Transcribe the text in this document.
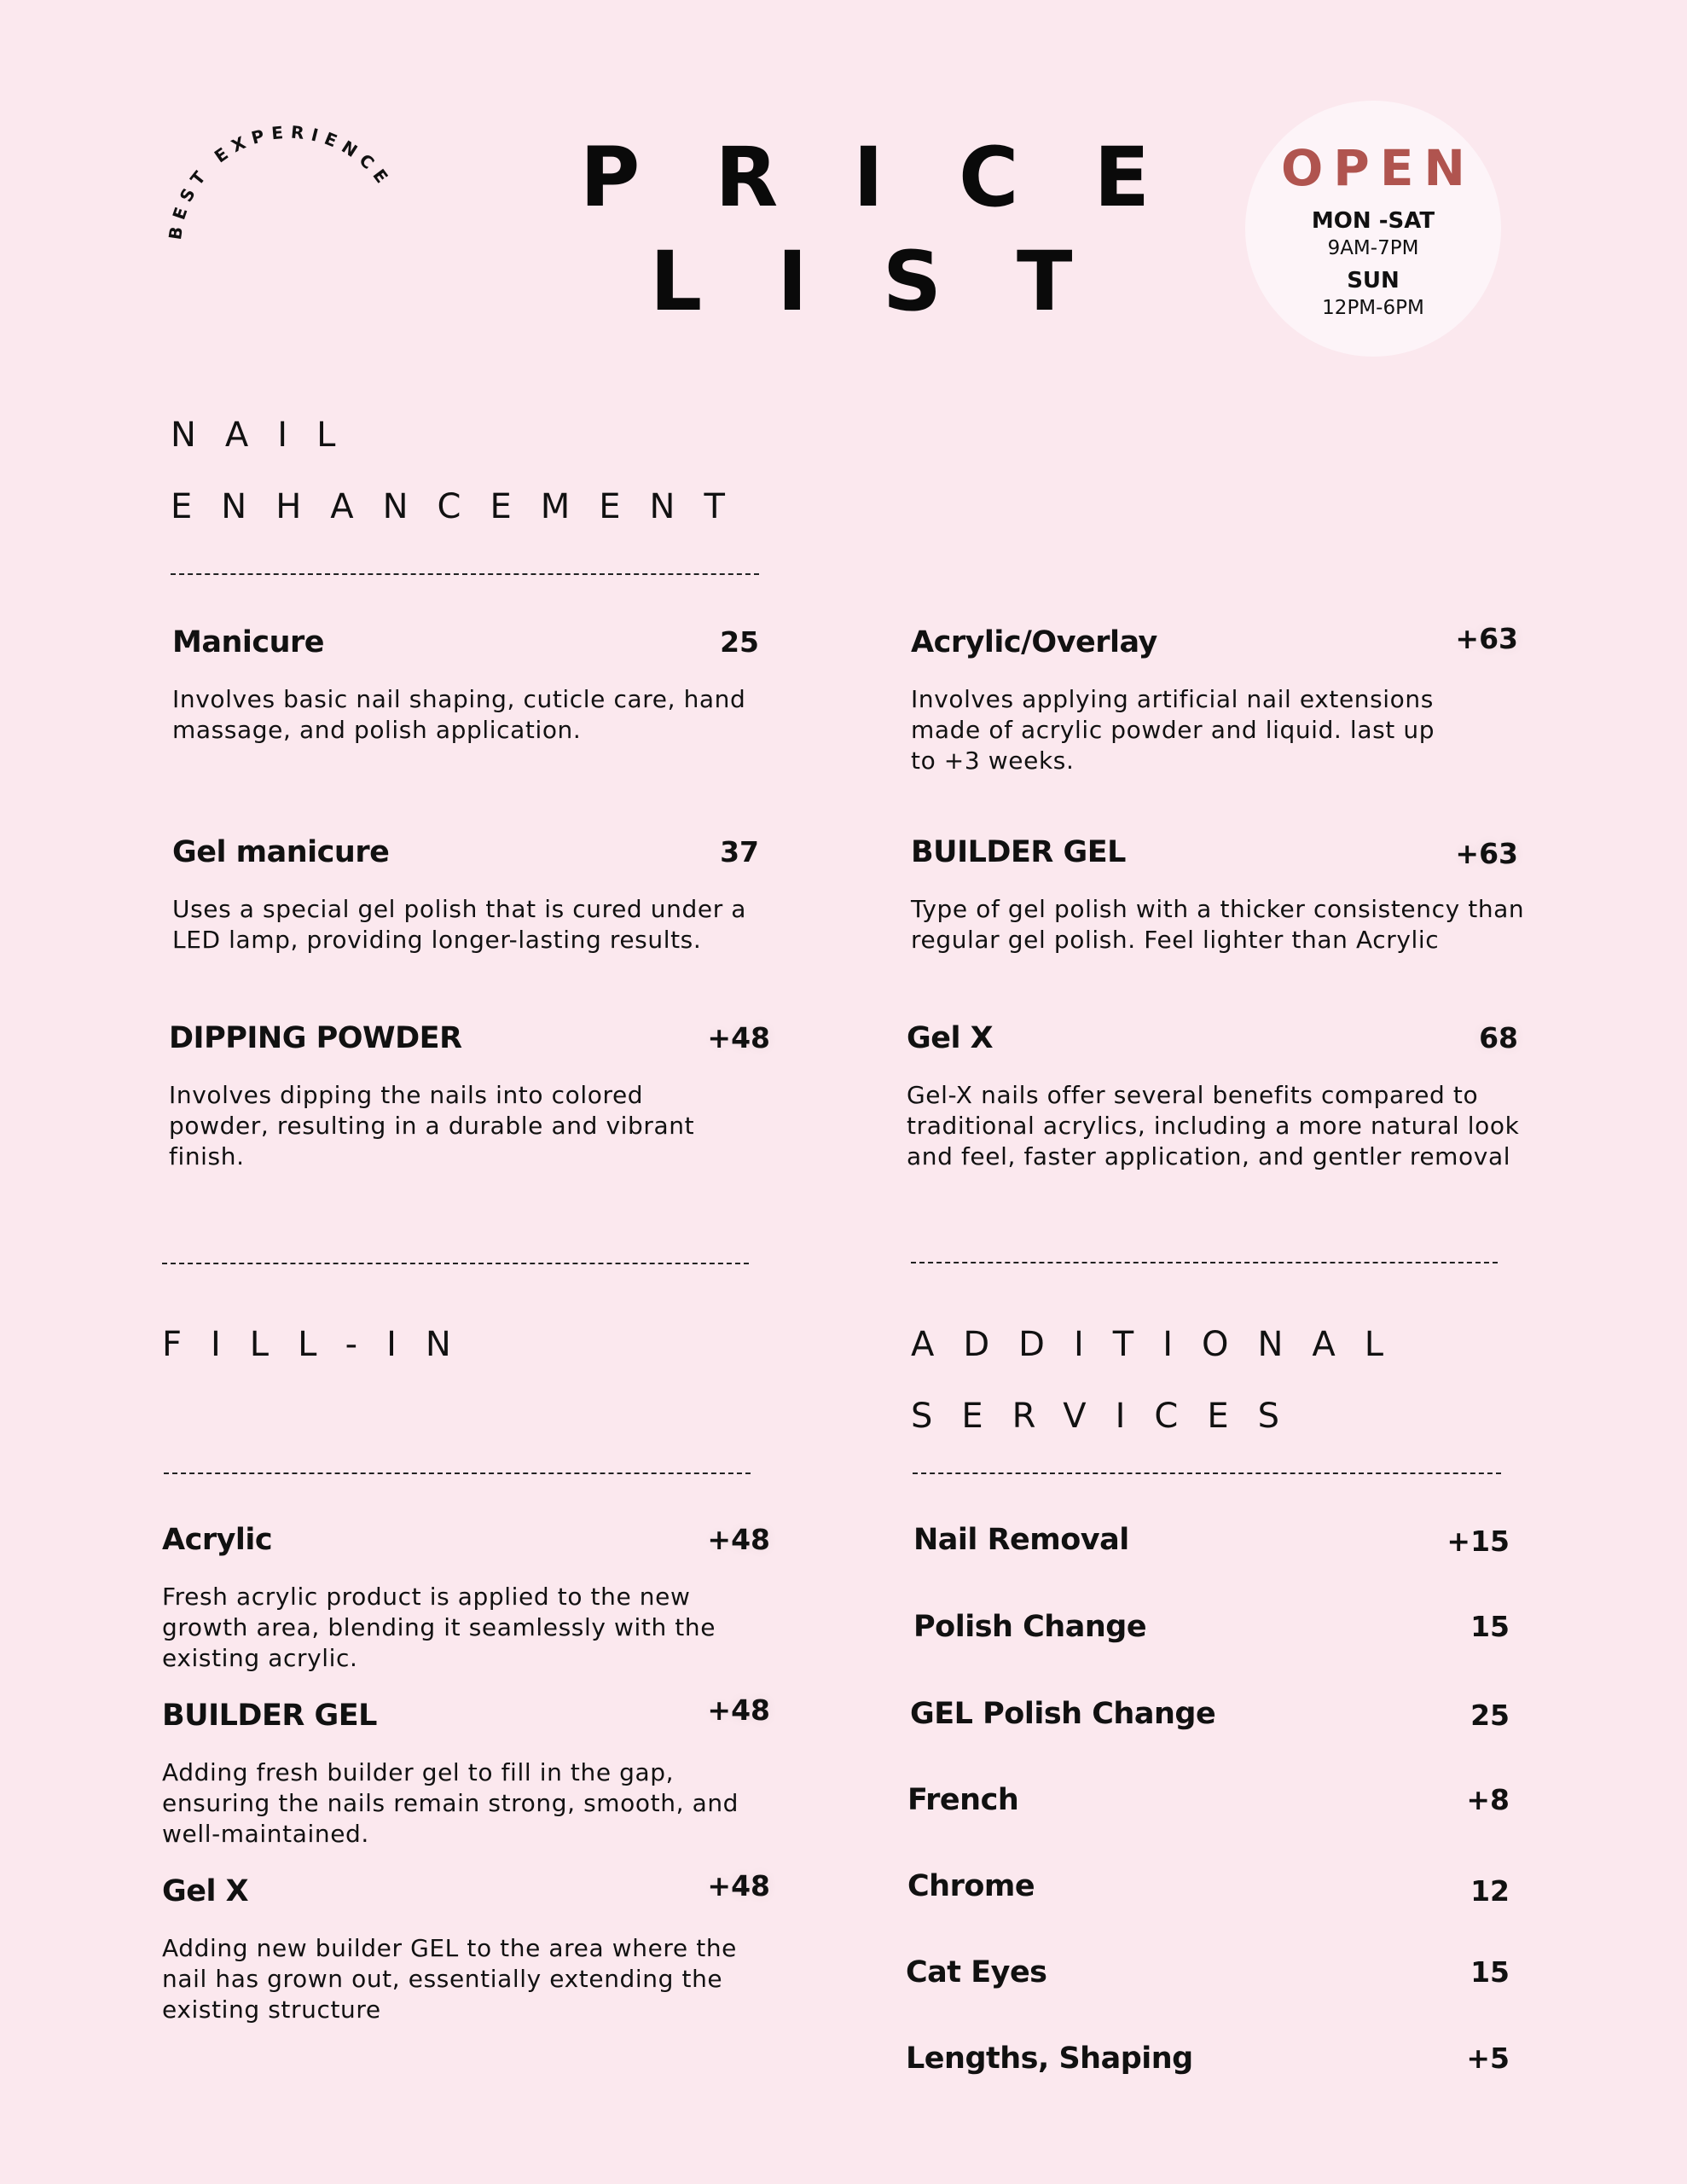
BEST EXPERIENCE PRICE
LIST
OPEN
MON -SAT
9AM-7PM
SUN
12PM-6PM
NAIL
ENHANCEMENT
Manicure	25
Involves basic nail shaping, cuticle care, hand massage, and polish application.
Acrylic/Overlay	+63
Involves applying artificial nail extensions made of acrylic powder and liquid. last up to +3 weeks.
Gel manicure	37
Uses a special gel polish that is cured under a LED lamp, providing longer-lasting results.
BUILDER GEL	+63
Type of gel polish with a thicker consistency than regular gel polish. Feel lighter than Acrylic
DIPPING POWDER	+48
Involves dipping the nails into colored powder, resulting in a durable and vibrant finish.
Gel X	68
Gel-X nails offer several benefits compared to traditional acrylics, including a more natural look and feel, faster application, and gentler removal
FILL-IN
Acrylic	+48
Fresh acrylic product is applied to the new growth area, blending it seamlessly with the existing acrylic.
BUILDER GEL	+48
Adding fresh builder gel to fill in the gap, ensuring the nails remain strong, smooth, and well-maintained.
Gel X	+48
Adding new builder GEL to the area where the nail has grown out, essentially extending the existing structure
ADDITIONAL
SERVICES
Nail Removal	+15
Polish Change	15
GEL Polish Change	25
French	+8
Chrome	12
Cat Eyes	15
Lengths, Shaping	+5
